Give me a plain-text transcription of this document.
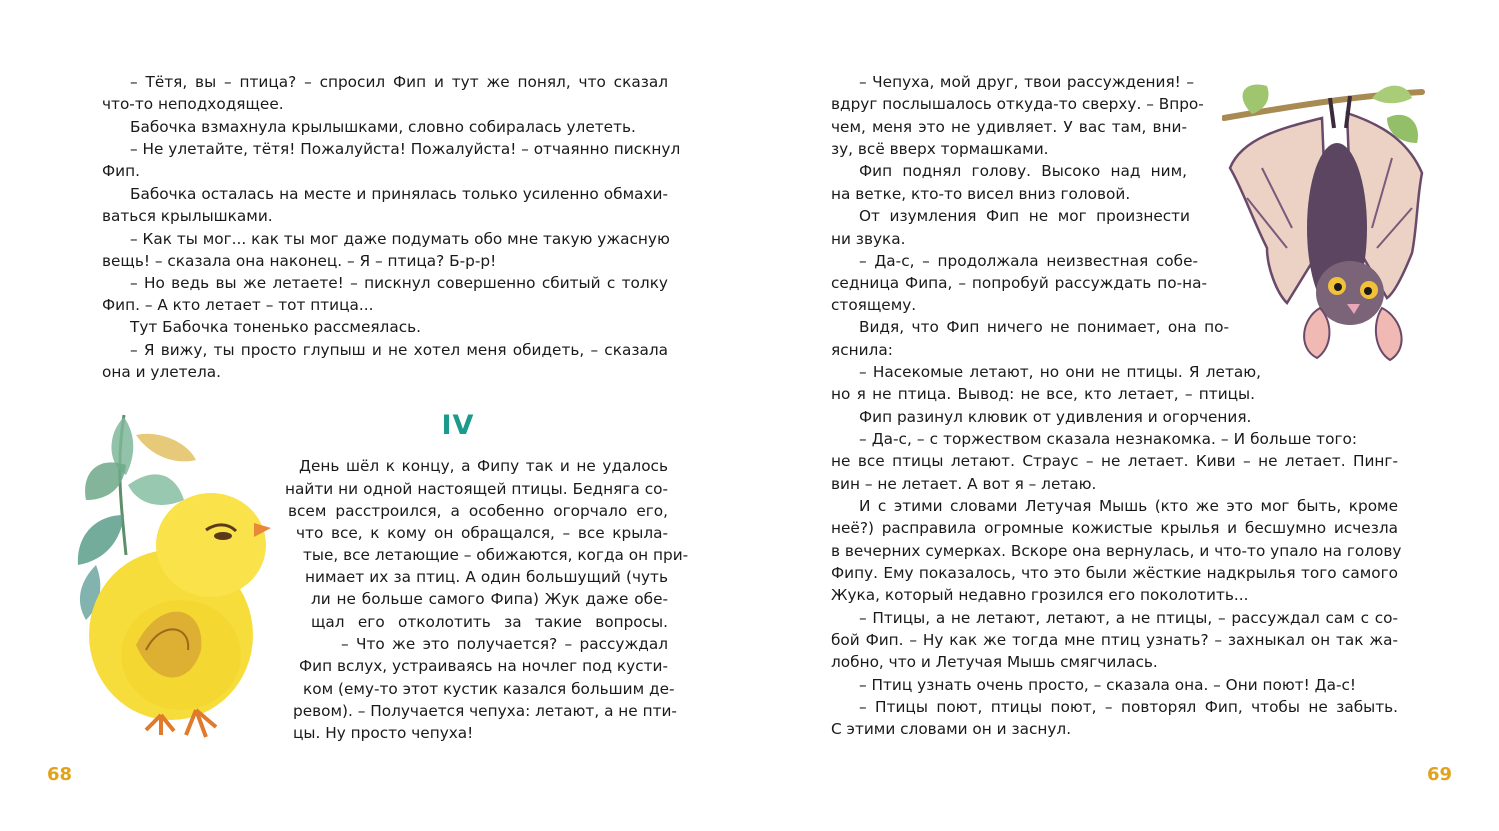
– Тётя, вы – птица? – спросил Фип и тут же понял, что сказал
что-то неподходящее.
Бабочка взмахнула крылышками, словно собиралась улететь.
– Не улетайте, тётя! Пожалуйста! Пожалуйста! – отчаянно пискнул
Фип.
Бабочка осталась на месте и принялась только усиленно обмахи-
ваться крылышками.
– Как ты мог... как ты мог даже подумать обо мне такую ужасную
вещь! – сказала она наконец. – Я – птица? Б-р-р!
– Но ведь вы же летаете! – пискнул совершенно сбитый с толку
Фип. – А кто летает – тот птица...
Тут Бабочка тоненько рассмеялась.
– Я вижу, ты просто глупыш и не хотел меня обидеть, – сказала
она и улетела.
IV
День шёл к концу, а Фипу так и не удалось
найти ни одной настоящей птицы. Бедняга со-
всем расстроился, а особенно огорчало его,
что все, к кому он обращался, – все крыла-
тые, все летающие – обижаются, когда он при-
нимает их за птиц. А один большущий (чуть
ли не больше самого Фипа) Жук даже обе-
щал его отколотить за такие вопросы.
– Что же это получается? – рассуждал
Фип вслух, устраиваясь на ночлег под кусти-
ком (ему-то этот кустик казался большим де-
ревом). – Получается чепуха: летают, а не пти-
цы. Ну просто чепуха!
68
– Чепуха, мой друг, твои рассуждения! –
вдруг послышалось откуда-то сверху. – Впро-
чем, меня это не удивляет. У вас там, вни-
зу, всё вверх тормашками.
Фип поднял голову. Высоко над ним,
на ветке, кто-то висел вниз головой.
От изумления Фип не мог произнести
ни звука.
– Да-с, – продолжала неизвестная собе-
седница Фипа, – попробуй рассуждать по-на-
стоящему.
Видя, что Фип ничего не понимает, она по-
яснила:
– Насекомые летают, но они не птицы. Я летаю,
но я не птица. Вывод: не все, кто летает, – птицы.
Фип разинул клювик от удивления и огорчения.
– Да-с, – с торжеством сказала незнакомка. – И больше того:
не все птицы летают. Страус – не летает. Киви – не летает. Пинг-
вин – не летает. А вот я – летаю.
И с этими словами Летучая Мышь (кто же это мог быть, кроме
неё?) расправила огромные кожистые крылья и бесшумно исчезла
в вечерних сумерках. Вскоре она вернулась, и что-то упало на голову
Фипу. Ему показалось, что это были жёсткие надкрылья того самого
Жука, который недавно грозился его поколотить...
– Птицы, а не летают, летают, а не птицы, – рассуждал сам с со-
бой Фип. – Ну как же тогда мне птиц узнать? – захныкал он так жа-
лобно, что и Летучая Мышь смягчилась.
– Птиц узнать очень просто, – сказала она. – Они поют! Да-с!
– Птицы поют, птицы поют, – повторял Фип, чтобы не забыть.
С этими словами он и заснул.
69
